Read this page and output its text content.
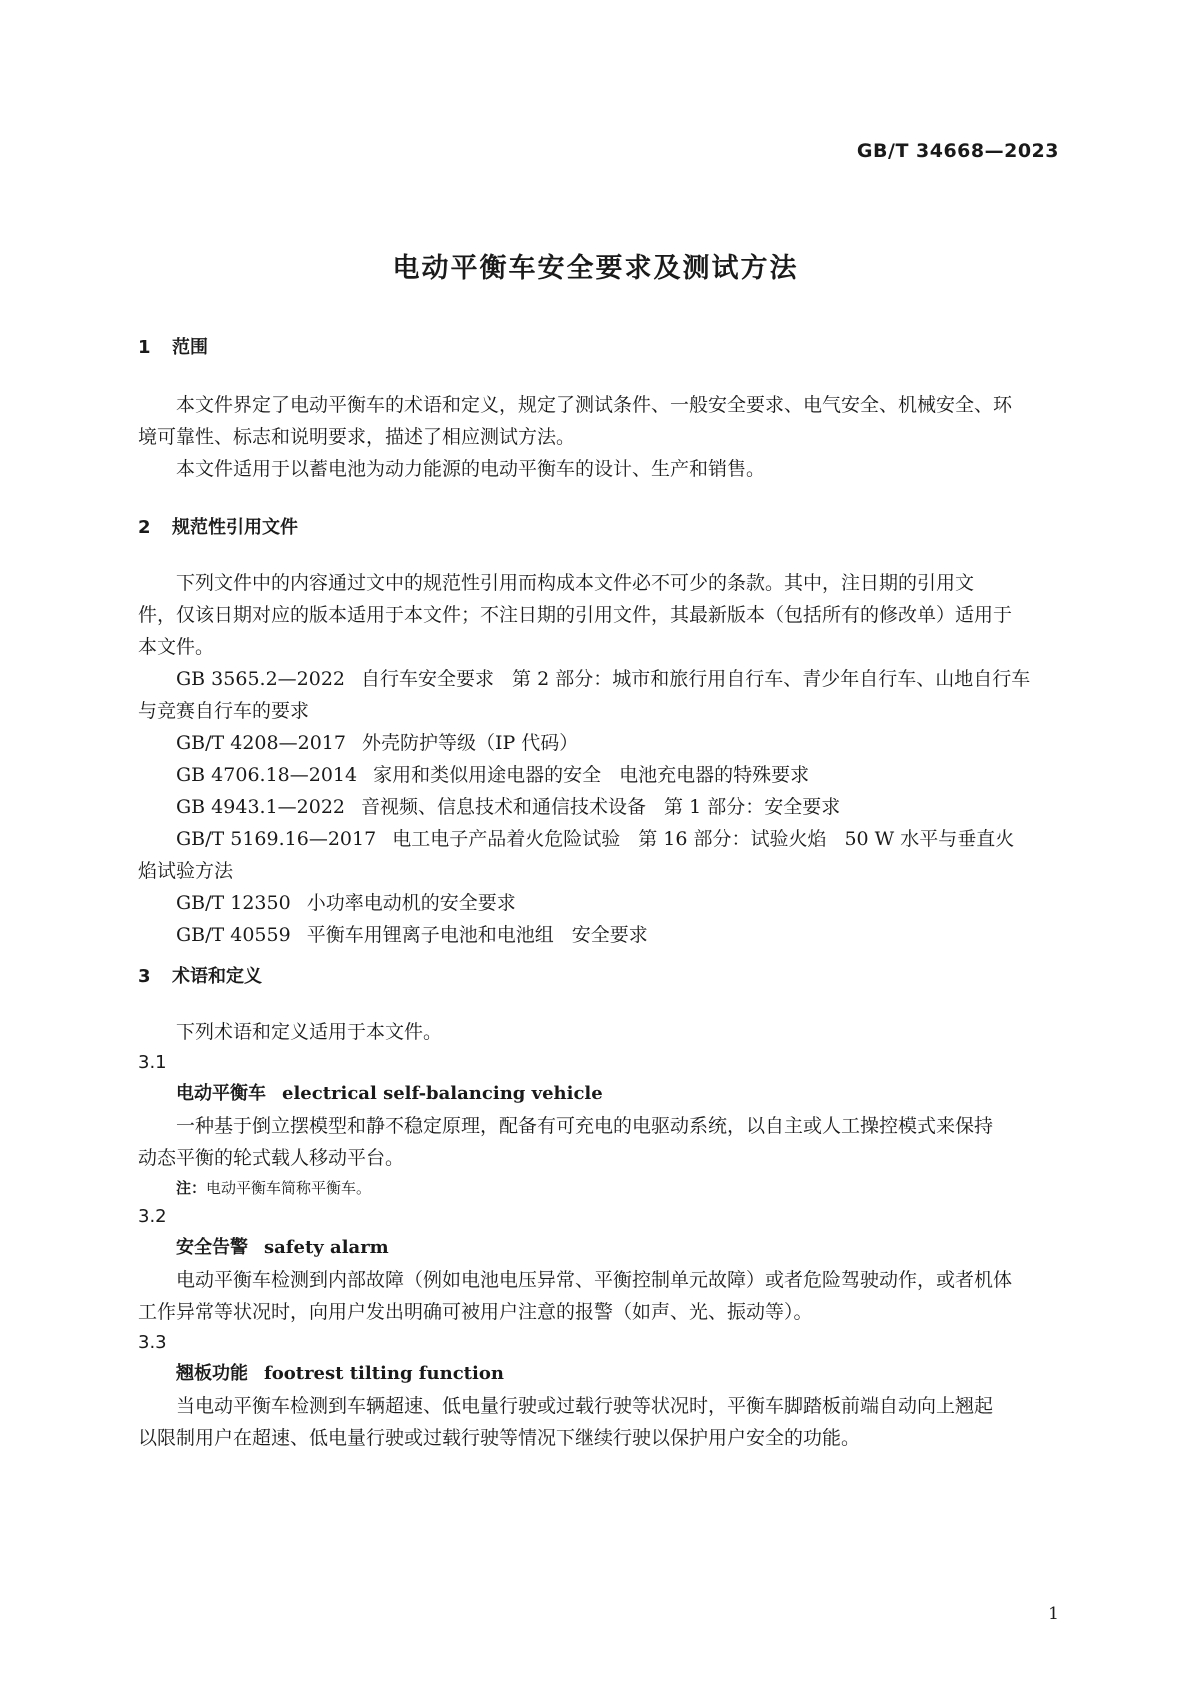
GB/T 34668—2023
电动平衡车安全要求及测试方法
1 范围
本文件界定了电动平衡车的术语和定义，规定了测试条件、一般安全要求、电气安全、机械安全、环
境可靠性、标志和说明要求，描述了相应测试方法。
本文件适用于以蓄电池为动力能源的电动平衡车的设计、生产和销售。
2 规范性引用文件
下列文件中的内容通过文中的规范性引用而构成本文件必不可少的条款。其中，注日期的引用文
件，仅该日期对应的版本适用于本文件；不注日期的引用文件，其最新版本（包括所有的修改单）适用于
本文件。
GB 3565.2—2022 自行车安全要求 第 2 部分：城市和旅行用自行车、青少年自行车、山地自行车
与竞赛自行车的要求
GB/T 4208—2017 外壳防护等级（IP 代码）
GB 4706.18—2014 家用和类似用途电器的安全 电池充电器的特殊要求
GB 4943.1—2022 音视频、信息技术和通信技术设备 第 1 部分：安全要求
GB/T 5169.16—2017 电工电子产品着火危险试验 第 16 部分：试验火焰 50 W 水平与垂直火
焰试验方法
GB/T 12350 小功率电动机的安全要求
GB/T 40559 平衡车用锂离子电池和电池组 安全要求
3 术语和定义
下列术语和定义适用于本文件。
3.1
电动平衡车 electrical self-balancing vehicle
一种基于倒立摆模型和静不稳定原理，配备有可充电的电驱动系统，以自主或人工操控模式来保持
动态平衡的轮式载人移动平台。
注：电动平衡车简称平衡车。
3.2
安全告警 safety alarm
电动平衡车检测到内部故障（例如电池电压异常、平衡控制单元故障）或者危险驾驶动作，或者机体
工作异常等状况时，向用户发出明确可被用户注意的报警（如声、光、振动等）。
3.3
翘板功能 footrest tilting function
当电动平衡车检测到车辆超速、低电量行驶或过载行驶等状况时，平衡车脚踏板前端自动向上翘起
以限制用户在超速、低电量行驶或过载行驶等情况下继续行驶以保护用户安全的功能。
1
